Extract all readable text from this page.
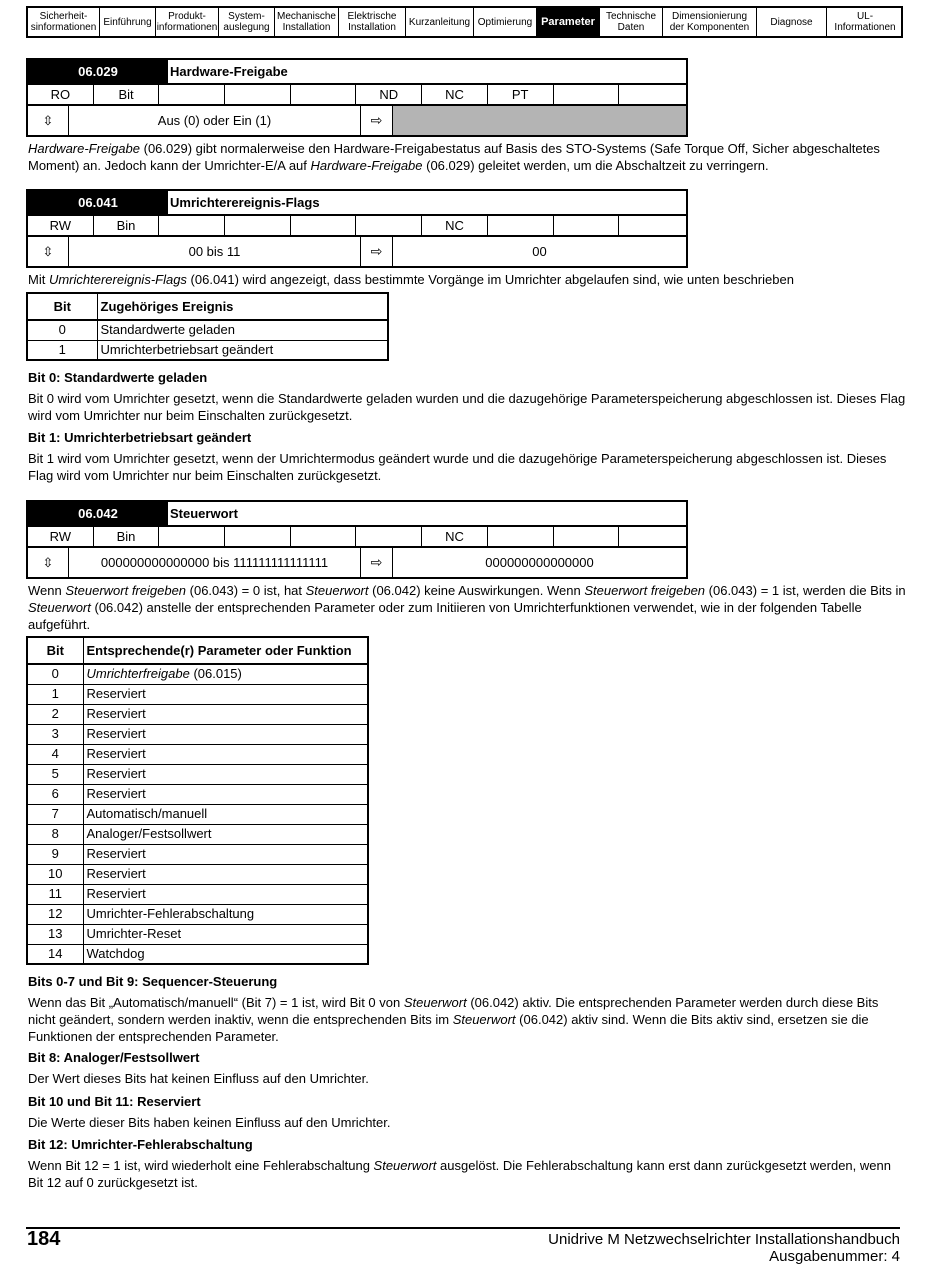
Sicherheit-
sinformationen Einführung	Produkt-
informationen
System-
auslegung
Mechanische
Installation
Elektrische
Installation	Kurzanleitung Optimierung Parameter	Technische
Daten
Dimensionierung
der Komponenten	Diagnose	UL-
Informationen
06.029	Hardware-Freigabe
RO	Bit	ND	NC	PT
⇳	Aus (0) oder Ein (1)	⇨
Hardware-Freigabe (06.029) gibt normalerweise den Hardware-Freigabestatus auf Basis des STO-Systems (Safe Torque Off, Sicher abgeschaltetes Moment) an. Jedoch kann der Umrichter-E/A auf Hardware-Freigabe (06.029) geleitet werden, um die Abschaltzeit zu verringern.
06.041	Umrichterereignis-Flags
RW	Bin	NC
⇳	00 bis 11	⇨	00
Mit Umrichterereignis-Flags (06.041) wird angezeigt, dass bestimmte Vorgänge im Umrichter abgelaufen sind, wie unten beschrieben
Bit	Zugehöriges Ereignis
0	Standardwerte geladen
1	Umrichterbetriebsart geändert
Bit 0: Standardwerte geladen
Bit 0 wird vom Umrichter gesetzt, wenn die Standardwerte geladen wurden und die dazugehörige Parameterspeicherung abgeschlossen ist. Dieses Flag wird vom Umrichter nur beim Einschalten zurückgesetzt.
Bit 1: Umrichterbetriebsart geändert
Bit 1 wird vom Umrichter gesetzt, wenn der Umrichtermodus geändert wurde und die dazugehörige Parameterspeicherung abgeschlossen ist. Dieses Flag wird vom Umrichter nur beim Einschalten zurückgesetzt.
06.042	Steuerwort
RW	Bin	NC
⇳	000000000000000 bis 111111111111111	⇨	000000000000000
Wenn Steuerwort freigeben (06.043) = 0 ist, hat Steuerwort (06.042) keine Auswirkungen. Wenn Steuerwort freigeben (06.043) = 1 ist, werden die Bits in Steuerwort (06.042) anstelle der entsprechenden Parameter oder zum Initiieren von Umrichterfunktionen verwendet, wie in der folgenden Tabelle aufgeführt.
Bit	Entsprechende(r) Parameter oder Funktion
0	Umrichterfreigabe (06.015)
1	Reserviert
2	Reserviert
3	Reserviert
4	Reserviert
5	Reserviert
6	Reserviert
7	Automatisch/manuell
8	Analoger/Festsollwert
9	Reserviert
10	Reserviert
11	Reserviert
12	Umrichter-Fehlerabschaltung
13	Umrichter-Reset
14	Watchdog
Bits 0-7 und Bit 9: Sequencer-Steuerung
Wenn das Bit „Automatisch/manuell“ (Bit 7) = 1 ist, wird Bit 0 von Steuerwort (06.042) aktiv. Die entsprechenden Parameter werden durch diese Bits nicht geändert, sondern werden inaktiv, wenn die entsprechenden Bits im Steuerwort (06.042) aktiv sind. Wenn die Bits aktiv sind, ersetzen sie die Funktionen der entsprechenden Parameter.
Bit 8: Analoger/Festsollwert
Der Wert dieses Bits hat keinen Einfluss auf den Umrichter.
Bit 10 und Bit 11: Reserviert
Die Werte dieser Bits haben keinen Einfluss auf den Umrichter.
Bit 12: Umrichter-Fehlerabschaltung
Wenn Bit 12 = 1 ist, wird wiederholt eine Fehlerabschaltung Steuerwort ausgelöst. Die Fehlerabschaltung kann erst dann zurückgesetzt werden, wenn Bit 12 auf 0 zurückgesetzt ist.
184	Unidrive M Netzwechselrichter Installationshandbuch
Ausgabenummer: 4
